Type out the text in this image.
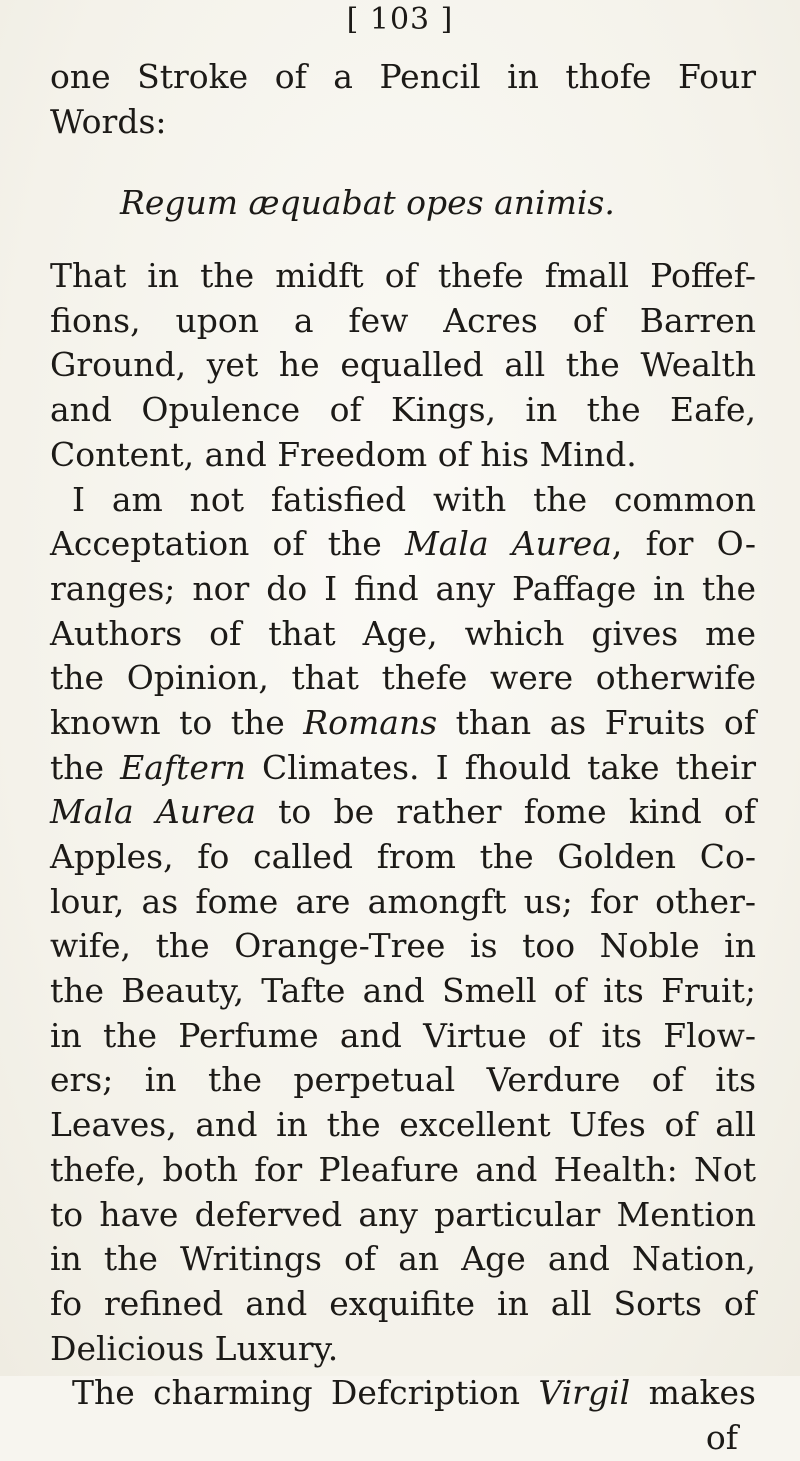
[ 103 ]
one Stroke of a Pencil in thofe Four
Words:
Regum æquabat opes animis.
That in the midft of thefe fmall Poffef-
fions, upon a few Acres of Barren
Ground, yet he equalled all the Wealth
and Opulence of Kings, in the Eafe,
Content, and Freedom of his Mind.
I am not fatisfied with the common
Acceptation of the Mala Aurea, for O-
ranges; nor do I find any Paffage in the
Authors of that Age, which gives me
the Opinion, that thefe were otherwife
known to the Romans than as Fruits of
the Eaftern Climates. I fhould take their
Mala Aurea to be rather fome kind of
Apples, fo called from the Golden Co-
lour, as fome are amongft us; for other-
wife, the Orange-Tree is too Noble in
the Beauty, Tafte and Smell of its Fruit;
in the Perfume and Virtue of its Flow-
ers; in the perpetual Verdure of its
Leaves, and in the excellent Ufes of all
thefe, both for Pleafure and Health: Not
to have deferved any particular Mention
in the Writings of an Age and Nation,
fo refined and exquifite in all Sorts of
Delicious Luxury.
The charming Defcription Virgil makes
of
